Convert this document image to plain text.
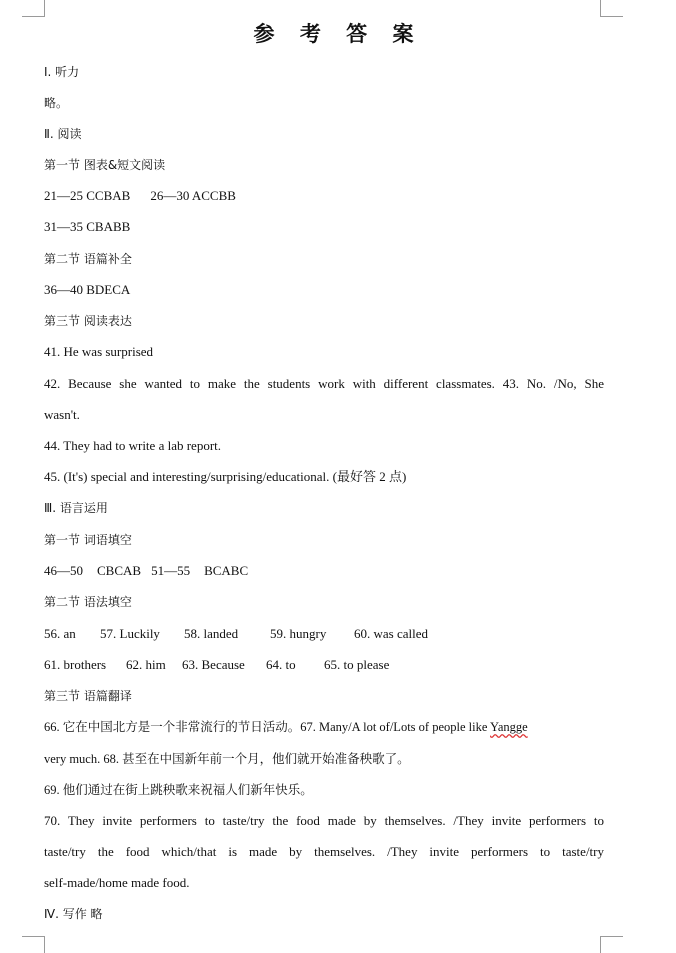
参 考 答 案
Ⅰ. 听力
略。
Ⅱ. 阅读
第一节 图表&短文阅读
21—25 CCBAB 26—30 ACCBB
31—35 CBABB
第二节 语篇补全
36—40 BDECA
第三节 阅读表达
41. He was surprised
42. Because she wanted to make the students work with different classmates. 43. No. /No, She
wasn't.
44. They had to write a lab report.
45. (It's) special and interesting/surprising/educational. (最好答 2 点)
Ⅲ. 语言运用
第一节 词语填空
46—50 CBCAB 51—55 BCABC
第二节 语法填空
56. an 57. Luckily 58. landed 59. hungry 60. was called
61. brothers 62. him 63. Because 64. to 65. to please
第三节 语篇翻译
66. 它在中国北方是一个非常流行的节日活动。67. Many/A lot of/Lots of people like Yangge
very much. 68. 甚至在中国新年前一个月，他们就开始准备秧歌了。
69. 他们通过在街上跳秧歌来祝福人们新年快乐。
70. They invite performers to taste/try the food made by themselves. /They invite performers to
taste/try the food which/that is made by themselves. /They invite performers to taste/try
self-made/home made food.
Ⅳ. 写作 略
